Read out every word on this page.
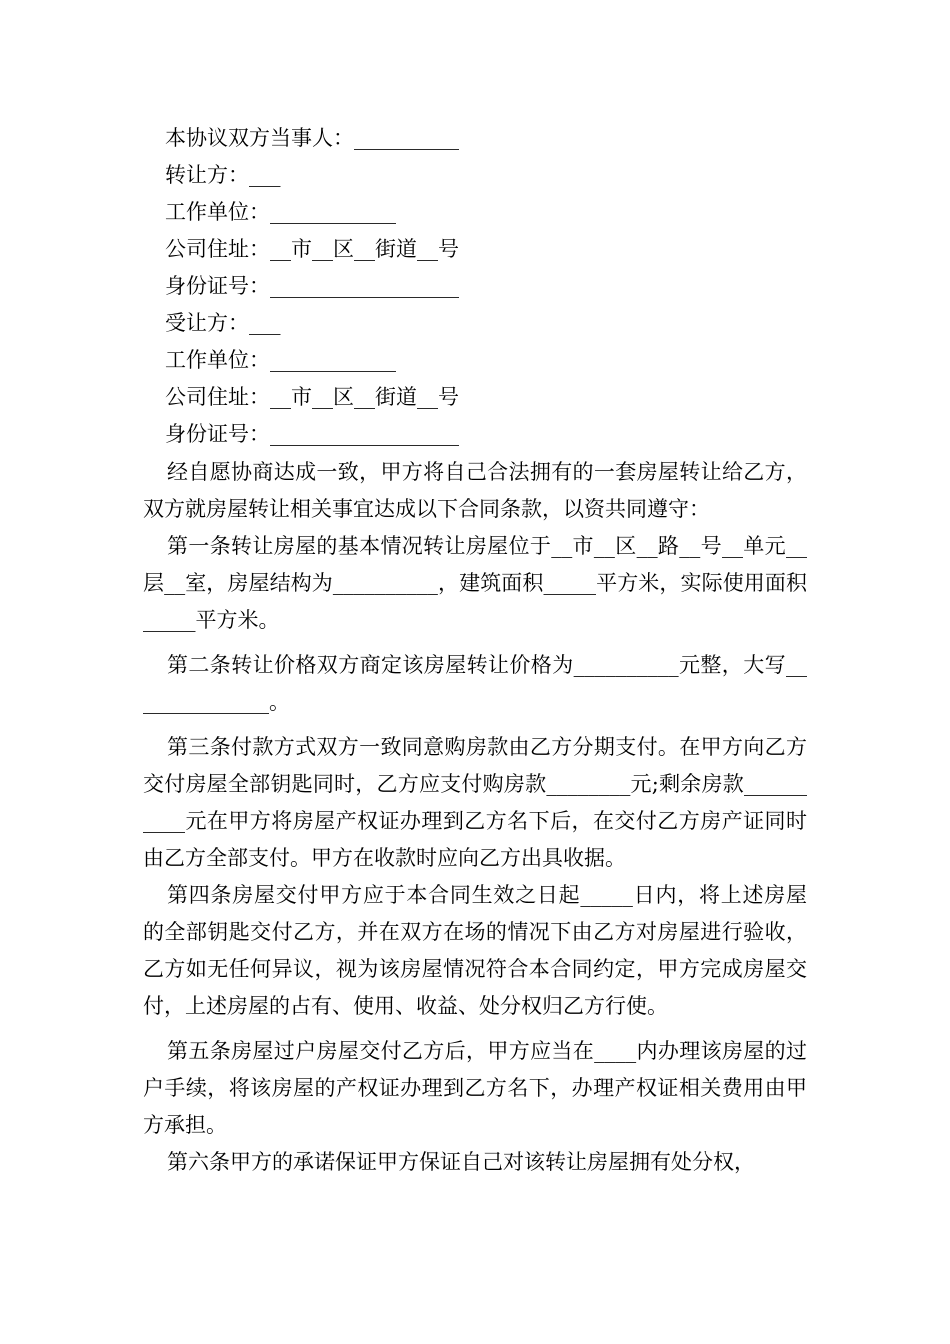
本协议双方当事人：__________
转让方：___
工作单位：____________
公司住址：__市__区__街道__号
身份证号：__________________
受让方：___
工作单位：____________
公司住址：__市__区__街道__号
身份证号：__________________

经自愿协商达成一致，甲方将自己合法拥有的一套房屋转让给乙方，双方就房屋转让相关事宜达成以下合同条款，以资共同遵守：

第一条转让房屋的基本情况转让房屋位于__市__区__路__号__单元__层__室，房屋结构为__________，建筑面积_____平方米，实际使用面积_____平方米。

第二条转让价格双方商定该房屋转让价格为__________元整，大写______________。

第三条付款方式双方一致同意购房款由乙方分期支付。在甲方向乙方交付房屋全部钥匙同时，乙方应支付购房款________元;剩余房款__________元在甲方将房屋产权证办理到乙方名下后，在交付乙方房产证同时由乙方全部支付。甲方在收款时应向乙方出具收据。

第四条房屋交付甲方应于本合同生效之日起_____日内，将上述房屋的全部钥匙交付乙方，并在双方在场的情况下由乙方对房屋进行验收，乙方如无任何异议，视为该房屋情况符合本合同约定，甲方完成房屋交付，上述房屋的占有、使用、收益、处分权归乙方行使。

第五条房屋过户房屋交付乙方后，甲方应当在____内办理该房屋的过户手续，将该房屋的产权证办理到乙方名下，办理产权证相关费用由甲方承担。

第六条甲方的承诺保证甲方保证自己对该转让房屋拥有处分权，
